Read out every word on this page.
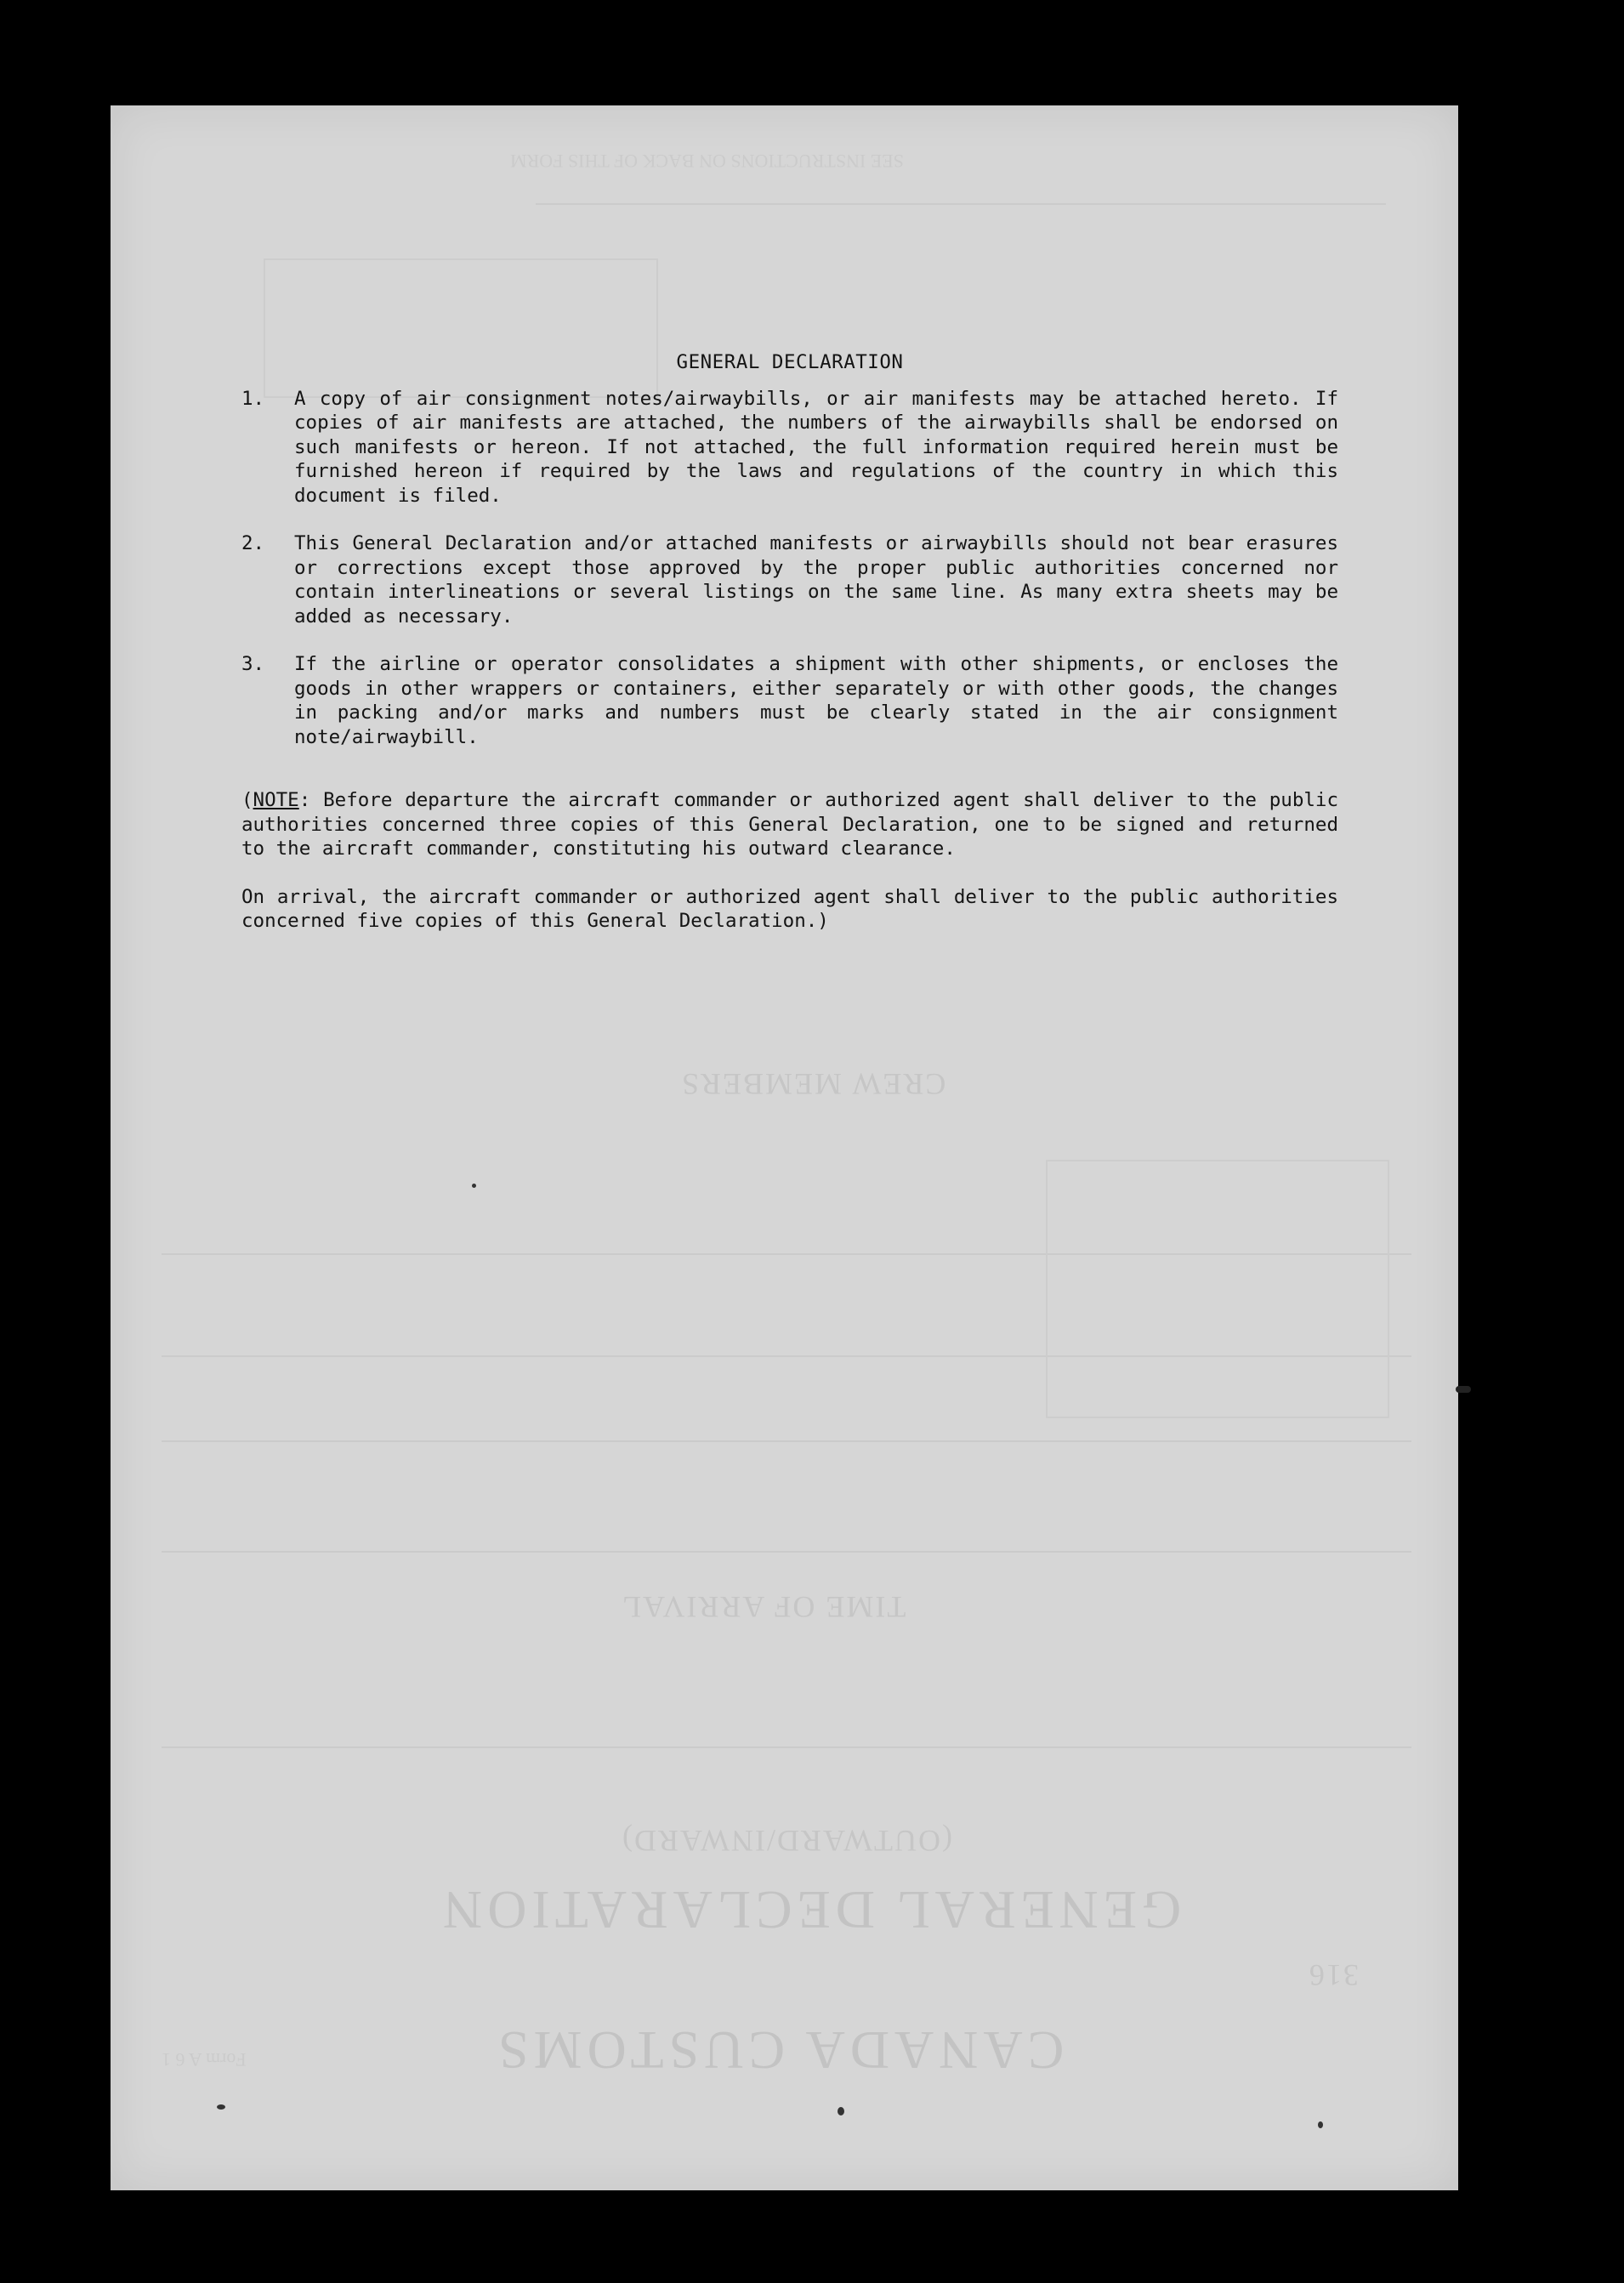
SEE INSTRUCTIONS ON BACK OF THIS FORM
CREW MEMBERS
TIME OF ARRIVAL
(OUTWARD/INWARD)
GENERAL DECLARATION
316
CANADA CUSTOMS
Form A 6 1
GENERAL DECLARATION
1. A copy of air consignment notes/airwaybills, or air manifests may be attached hereto. If copies of air manifests are attached, the numbers of the airwaybills shall be endorsed on such manifests or hereon. If not attached, the full information required herein must be furnished hereon if required by the laws and regulations of the country in which this document is filed.
2. This General Declaration and/or attached manifests or airwaybills should not bear erasures or corrections except those approved by the proper public authorities concerned nor contain interlineations or several listings on the same line. As many extra sheets may be added as necessary.
3. If the airline or operator consolidates a shipment with other shipments, or encloses the goods in other wrappers or containers, either separately or with other goods, the changes in packing and/or marks and numbers must be clearly stated in the air consignment note/airwaybill.
(NOTE: Before departure the aircraft commander or authorized agent shall deliver to the public authorities concerned three copies of this General Declaration, one to be signed and returned to the aircraft commander, constituting his outward clearance.
On arrival, the aircraft commander or authorized agent shall deliver to the public authorities concerned five copies of this General Declaration.)
